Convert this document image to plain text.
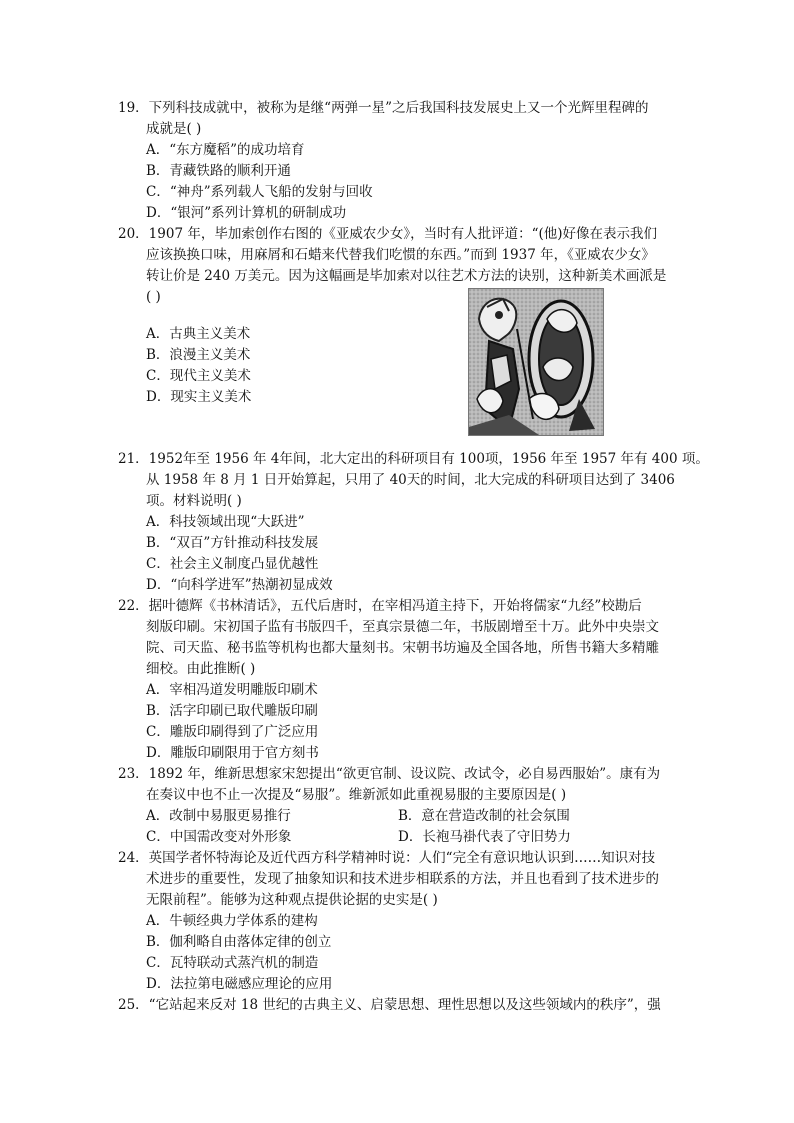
19．下列科技成就中，被称为是继“两弹一星”之后我国科技发展史上又一个光辉里程碑的
成就是( )
A．“东方魔稻”的成功培育
B．青藏铁路的顺利开通
C．“神舟”系列载人飞船的发射与回收
D．“银河”系列计算机的研制成功
20．1907 年，毕加索创作右图的《亚威农少女》，当时有人批评道：“(他)好像在表示我们
应该换换口味，用麻屑和石蜡来代替我们吃惯的东西。”而到 1937 年，《亚威农少女》
转让价是 240 万美元。因为这幅画是毕加索对以往艺术方法的诀别，这种新美术画派是
( )
A．古典主义美术
B．浪漫主义美术
C．现代主义美术
D．现实主义美术
21．1952年至 1956 年 4年间，北大定出的科研项目有 100项，1956 年至 1957 年有 400 项。
从 1958 年 8 月 1 日开始算起，只用了 40天的时间，北大完成的科研项目达到了 3406
项。材料说明( )
A．科技领域出现“大跃进”
B．“双百”方针推动科技发展
C．社会主义制度凸显优越性
D．“向科学进军”热潮初显成效
22．据叶德辉《书林清话》，五代后唐时，在宰相冯道主持下，开始将儒家“九经”校勘后
刻版印刷。宋初国子监有书版四千，至真宗景德二年，书版剧增至十万。此外中央崇文
院、司天监、秘书监等机构也都大量刻书。宋朝书坊遍及全国各地，所售书籍大多精雕
细校。由此推断( )
A．宰相冯道发明雕版印刷术
B．活字印刷已取代雕版印刷
C．雕版印刷得到了广泛应用
D．雕版印刷限用于官方刻书
23．1892 年，维新思想家宋恕提出“欲更官制、设议院、改试令，必自易西服始”。康有为
在奏议中也不止一次提及“易服”。维新派如此重视易服的主要原因是( )
A．改制中易服更易推行	B．意在营造改制的社会氛围
C．中国需改变对外形象	D．长袍马褂代表了守旧势力
24．英国学者怀特海论及近代西方科学精神时说：人们“完全有意识地认识到……知识对技
术进步的重要性，发现了抽象知识和技术进步相联系的方法，并且也看到了技术进步的
无限前程”。能够为这种观点提供论据的史实是( )
A．牛顿经典力学体系的建构
B．伽利略自由落体定律的创立
C．瓦特联动式蒸汽机的制造
D．法拉第电磁感应理论的应用
25．“它站起来反对 18 世纪的古典主义、启蒙思想、理性思想以及这些领域内的秩序”，强
